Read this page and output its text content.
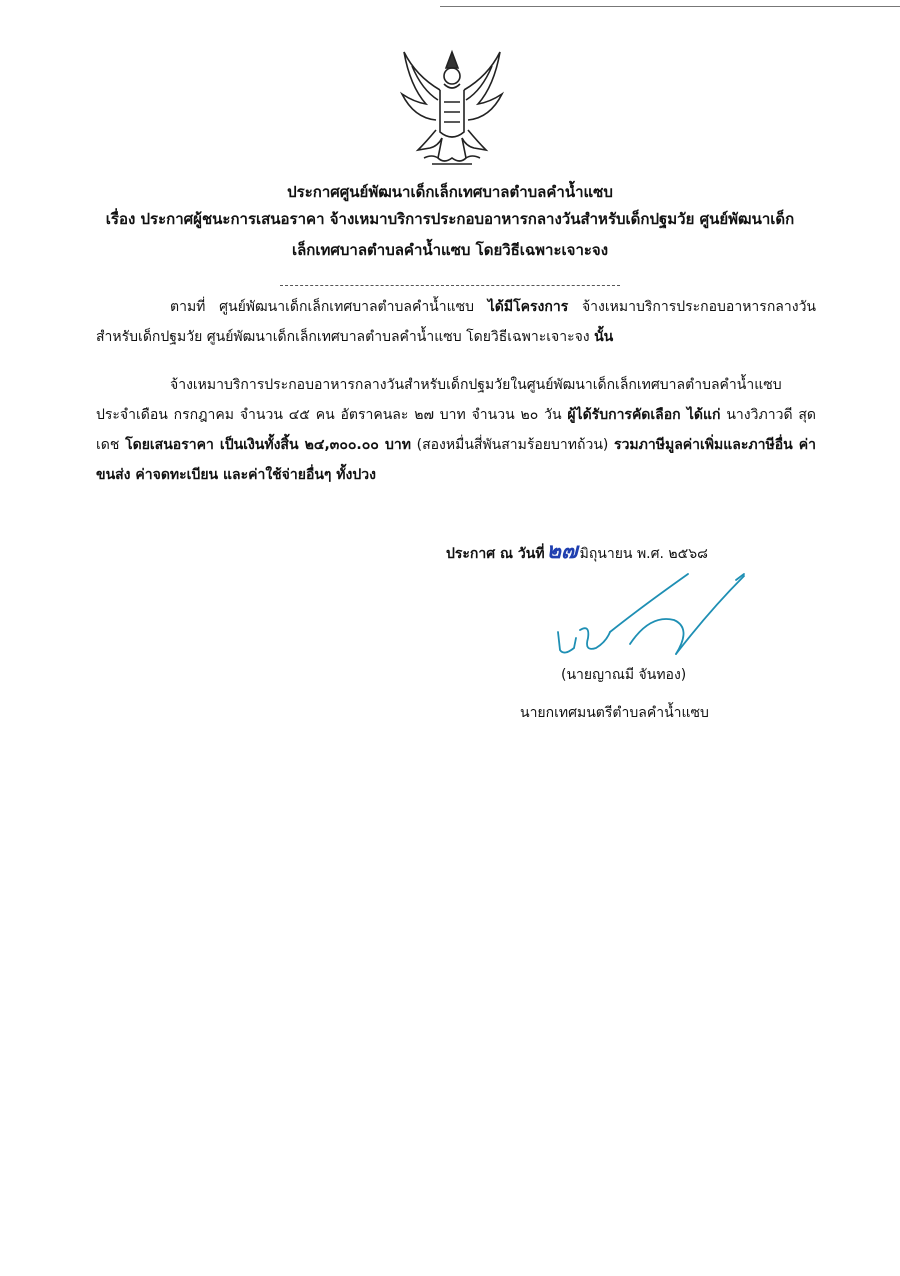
ประกาศศูนย์พัฒนาเด็กเล็กเทศบาลตำบลคำน้ำแซบ
เรื่อง ประกาศผู้ชนะการเสนอราคา จ้างเหมาบริการประกอบอาหารกลางวันสำหรับเด็กปฐมวัย ศูนย์พัฒนาเด็ก
เล็กเทศบาลตำบลคำน้ำแซบ โดยวิธีเฉพาะเจาะจง
ตามที่ ศูนย์พัฒนาเด็กเล็กเทศบาลตำบลคำน้ำแซบ ได้มีโครงการ จ้างเหมาบริการประกอบอาหารกลางวันสำหรับเด็กปฐมวัย ศูนย์พัฒนาเด็กเล็กเทศบาลตำบลคำน้ำแซบ โดยวิธีเฉพาะเจาะจง นั้น
จ้างเหมาบริการประกอบอาหารกลางวันสำหรับเด็กปฐมวัยในศูนย์พัฒนาเด็กเล็กเทศบาลตำบลคำน้ำแซบ ประจำเดือน กรกฎาคม จำนวน ๔๕ คน อัตราคนละ ๒๗ บาท จำนวน ๒๐ วัน ผู้ได้รับการคัดเลือก ได้แก่ นางวิภาวดี สุดเดช โดยเสนอราคา เป็นเงินทั้งสิ้น ๒๔,๓๐๐.๐๐ บาท (สองหมื่นสี่พันสามร้อยบาทถ้วน) รวมภาษีมูลค่าเพิ่มและภาษีอื่น ค่าขนส่ง ค่าจดทะเบียน และค่าใช้จ่ายอื่นๆ ทั้งปวง
ประกาศ ณ วันที่๒๗ มิถุนายน พ.ศ. ๒๕๖๘
(นายญาณมี จันทอง)
นายกเทศมนตรีตำบลคำน้ำแซบ
